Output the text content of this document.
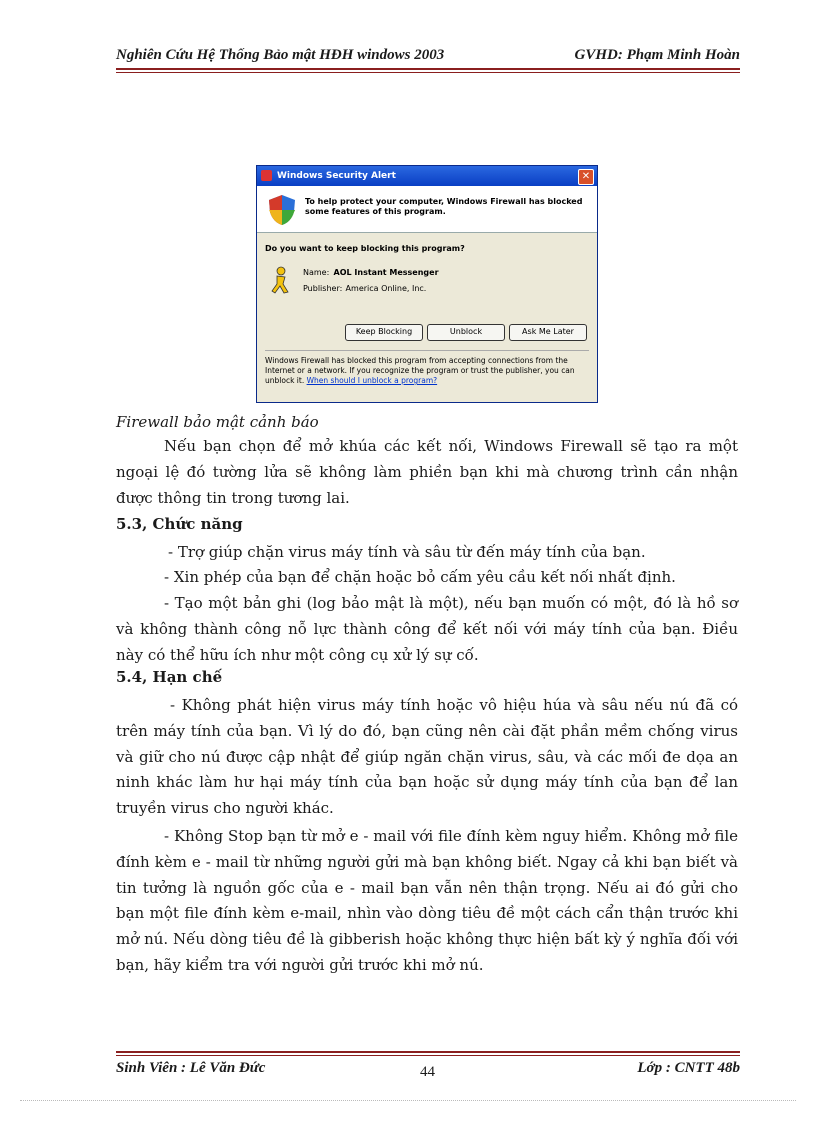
Nghiên Cứu Hệ Thống Bảo mật HĐH windows 2003	GVHD: Phạm Minh Hoàn
Windows Security Alert	✕
To help protect your computer, Windows Firewall has blocked some features of this program.
Do you want to keep blocking this program?
Name: AOL Instant Messenger
Publisher: America Online, Inc.
Keep Blocking	Unblock	Ask Me Later
Windows Firewall has blocked this program from accepting connections from the Internet or a network. If you recognize the program or trust the publisher, you can unblock it. When should I unblock a program?
Firewall bảo mật cảnh báo
Nếu bạn chọn để mở khúa các kết nối, Windows Firewall sẽ tạo ra một ngoại lệ đó tường lửa sẽ không làm phiền bạn khi mà chương trình cần nhận được thông tin trong tương lai.
5.3, Chức năng
- Trợ giúp chặn virus máy tính và sâu từ đến máy tính của bạn.
- Xin phép của bạn để chặn hoặc bỏ cấm yêu cầu kết nối nhất định.
- Tạo một bản ghi (log bảo mật là một), nếu bạn muốn có một, đó là hồ sơ và không thành công nỗ lực thành công để kết nối với máy tính của bạn. Điều này có thể hữu ích như một công cụ xử lý sự cố.
5.4, Hạn chế
- Không phát hiện virus máy tính hoặc vô hiệu húa và sâu nếu nú đã có trên máy tính của bạn. Vì lý do đó, bạn cũng nên cài đặt phần mềm chống virus và giữ cho nú được cập nhật để giúp ngăn chặn virus, sâu, và các mối đe dọa an ninh khác làm hư hại máy tính của bạn hoặc sử dụng máy tính của bạn để lan truyền virus cho người khác.
- Không Stop bạn từ mở e - mail với file đính kèm nguy hiểm. Không mở file đính kèm e - mail từ những người gửi mà bạn không biết. Ngay cả khi bạn biết và tin tưởng là nguồn gốc của e - mail bạn vẫn nên thận trọng. Nếu ai đó gửi cho bạn một file đính kèm e-mail, nhìn vào dòng tiêu đề một cách cẩn thận trước khi mở nú. Nếu dòng tiêu đề là gibberish hoặc không thực hiện bất kỳ ý nghĩa đối với bạn, hãy kiểm tra với người gửi trước khi mở nú.
Sinh Viên : Lê Văn Đức	Lớp : CNTT 48b
44
